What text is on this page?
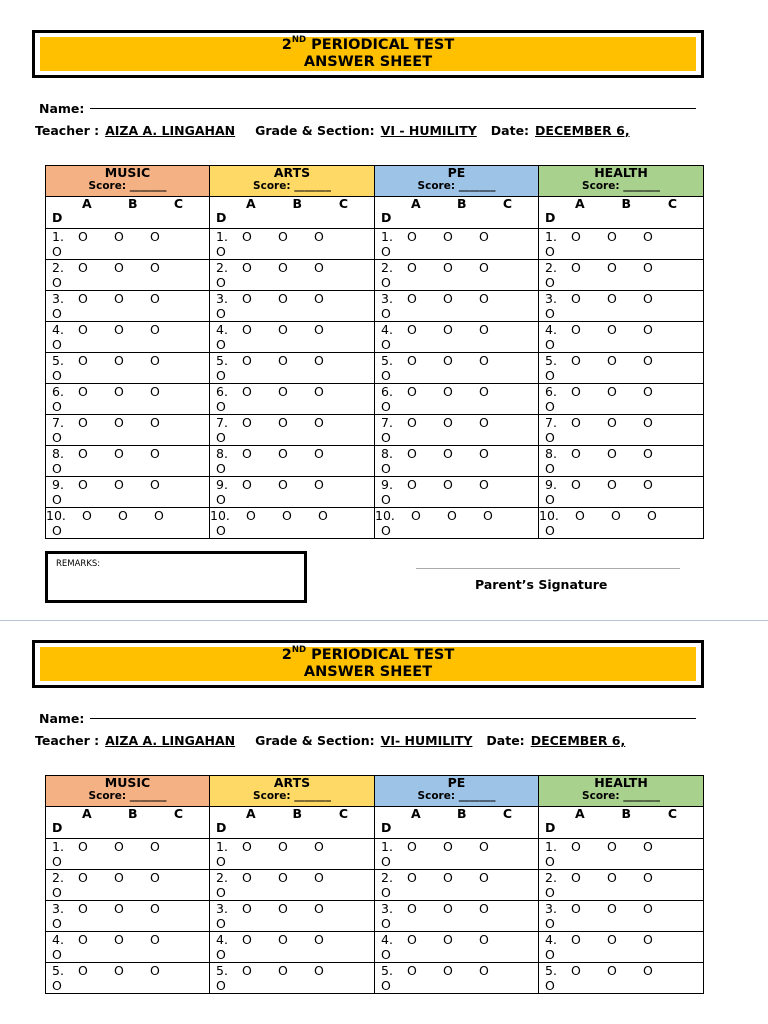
2ND PERIODICAL TEST
ANSWER SHEET
Name:
Teacher : AIZA A. LINGAHAN Grade & Section: VI - HUMILITY Date: DECEMBER 6,
MUSIC
Score: _______	ARTS
Score: _______	PE
Score: _______	HEALTH
Score: _______

A B C
D	A B C
D	A B C
D	A B C
D

1. O O O
O	1. O O O
O	1. O O O
O	1. O O O
O

2. O O O
O	2. O O O
O	2. O O O
O	2. O O O
O

3. O O O
O	3. O O O
O	3. O O O
O	3. O O O
O

4. O O O
O	4. O O O
O	4. O O O
O	4. O O O
O

5. O O O
O	5. O O O
O	5. O O O
O	5. O O O
O

6. O O O
O	6. O O O
O	6. O O O
O	6. O O O
O

7. O O O
O	7. O O O
O	7. O O O
O	7. O O O
O

8. O O O
O	8. O O O
O	8. O O O
O	8. O O O
O

9. O O O
O	9. O O O
O	9. O O O
O	9. O O O
O

10. O O O
O	10. O O O
O	10. O O O
O	10. O O O
O
REMARKS:
Parent’s Signature
2ND PERIODICAL TEST
ANSWER SHEET
Name:
Teacher : AIZA A. LINGAHAN Grade & Section: VI- HUMILITY Date: DECEMBER 6,
MUSIC
Score: _______	ARTS
Score: _______	PE
Score: _______	HEALTH
Score: _______

A B C
D	A B C
D	A B C
D	A B C
D

1. O O O
O	1. O O O
O	1. O O O
O	1. O O O
O

2. O O O
O	2. O O O
O	2. O O O
O	2. O O O
O

3. O O O
O	3. O O O
O	3. O O O
O	3. O O O
O

4. O O O
O	4. O O O
O	4. O O O
O	4. O O O
O

5. O O O
O	5. O O O
O	5. O O O
O	5. O O O
O
